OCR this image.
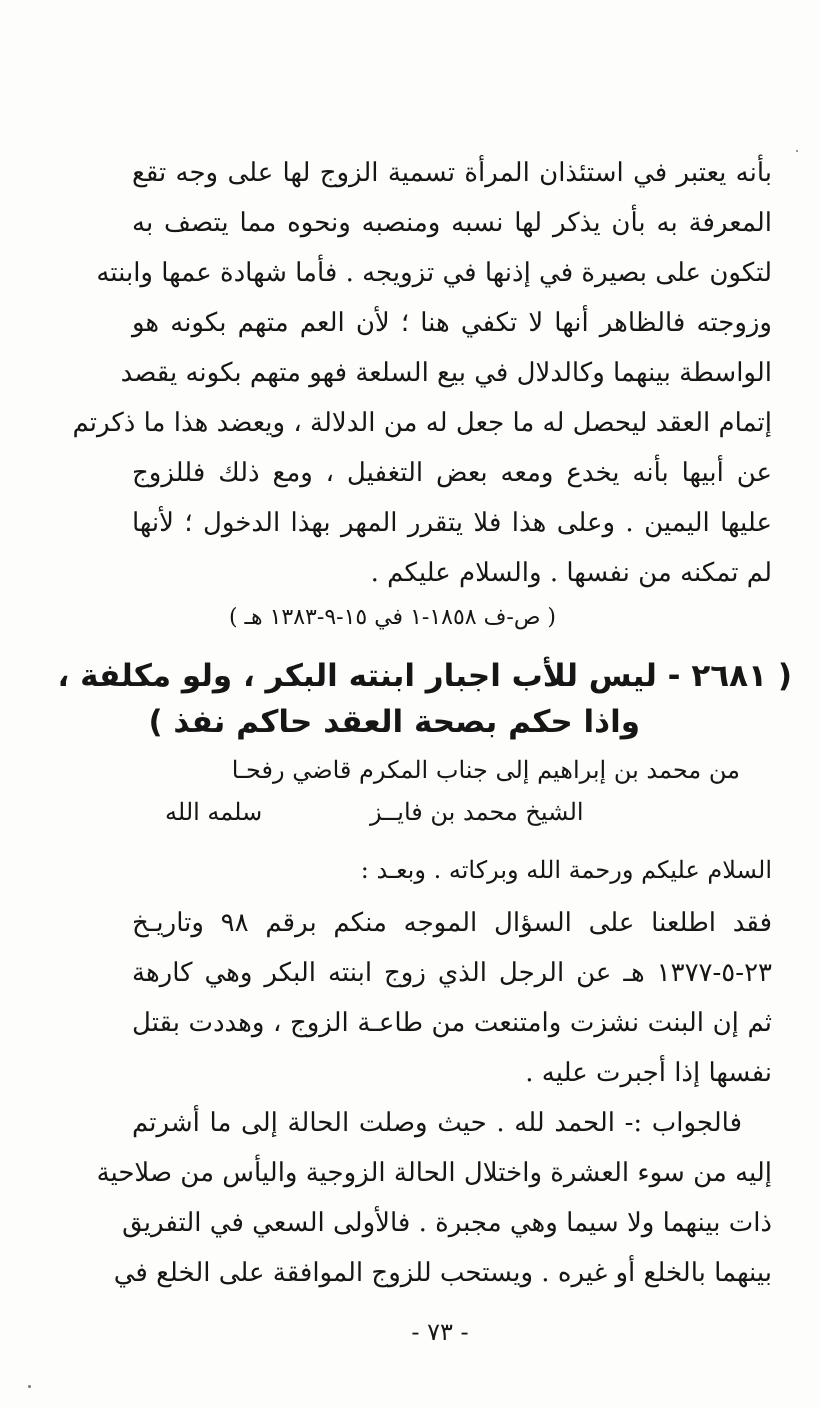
بأنه يعتبر في استئذان المرأة تسمية الزوج لها على وجه تقع
المعرفة به بأن يذكر لها نسبه ومنصبه ونحوه مما يتصف به
لتكون على بصيرة في إذنها في تزويجه . فأما شهادة عمها وابنته
وزوجته فالظاهر أنها لا تكفي هنا ؛ لأن العم متهم بكونه هو
الواسطة بينهما وكالدلال في بيع السلعة فهو متهم بكونه يقصد
إتمام العقد ليحصل له ما جعل له من الدلالة ، ويعضد هذا ما ذكرتم
عن أبيها بأنه يخدع ومعه بعض التغفيل ، ومع ذلك فللزوج
عليها اليمين . وعلى هذا فلا يتقرر المهر بهذا الدخول ؛ لأنها
لم تمكنه من نفسها . والسلام عليكم .
( ص-ف ١٨٥٨-١ في ١٥-٩-١٣٨٣ هـ )
( ٢٦٨١ - ليس للأب اجبار ابنته البكر ، ولو مكلفة ،
واذا حكم بصحة العقد حاكم نفذ )
من محمد بن إبراهيم إلى جناب المكرم قاضي رفحـا
الشيخ محمد بن فايــز
سلمه الله
السلام عليكم ورحمة الله وبركاته . وبعـد :
فقد اطلعنا على السؤال الموجه منكم برقم ٩٨ وتاريـخ
٢٣-٥-١٣٧٧ هـ عن الرجل الذي زوج ابنته البكر وهي كارهة
ثم إن البنت نشزت وامتنعت من طاعـة الزوج ، وهددت بقتل
نفسها إذا أجبرت عليه .
فالجواب :- الحمد لله . حيث وصلت الحالة إلى ما أشرتم
إليه من سوء العشرة واختلال الحالة الزوجية واليأس من صلاحية
ذات بينهما ولا سيما وهي مجبرة . فالأولى السعي في التفريق
بينهما بالخلع أو غيره . ويستحب للزوج الموافقة على الخلع في
- ٧٣ -
